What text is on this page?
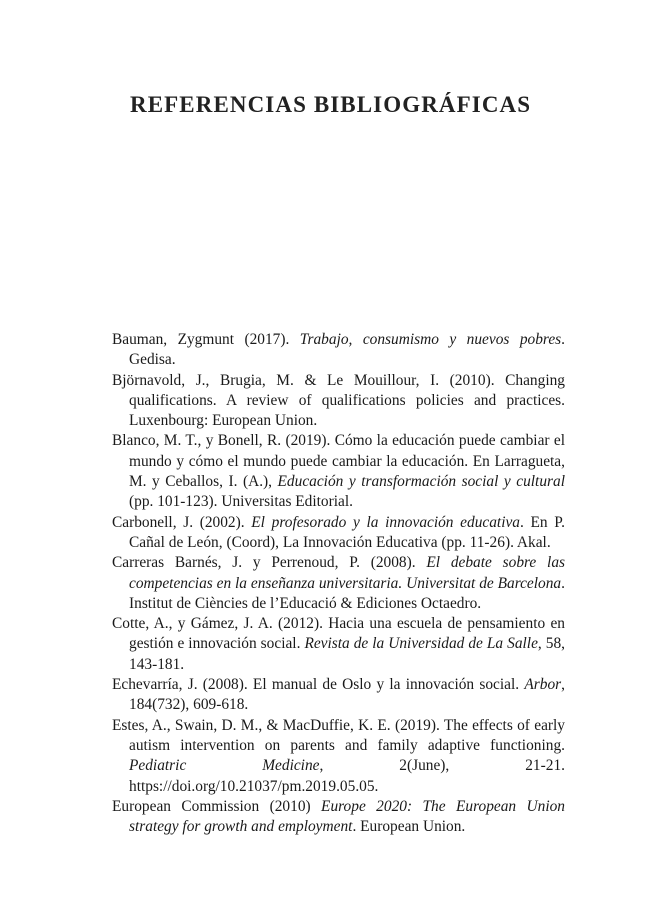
REFERENCIAS BIBLIOGRÁFICAS
Bauman, Zygmunt (2017). Trabajo, consumismo y nuevos pobres. Gedisa.
Björnavold, J., Brugia, M. & Le Mouillour, I. (2010). Changing qualifications. A review of qualifications policies and practices. Luxenbourg: European Union.
Blanco, M. T., y Bonell, R. (2019). Cómo la educación puede cambiar el mundo y cómo el mundo puede cambiar la educación. En Larragueta, M. y Ceballos, I. (A.), Educación y transformación social y cultural (pp. 101-123). Universitas Editorial.
Carbonell, J. (2002). El profesorado y la innovación educativa. En P. Cañal de León, (Coord), La Innovación Educativa (pp. 11-26). Akal.
Carreras Barnés, J. y Perrenoud, P. (2008). El debate sobre las competencias en la enseñanza universitaria. Universitat de Barcelona. Institut de Ciències de l’Educació & Ediciones Octaedro.
Cotte, A., y Gámez, J. A. (2012). Hacia una escuela de pensamiento en gestión e innovación social. Revista de la Universidad de La Salle, 58, 143-181.
Echevarría, J. (2008). El manual de Oslo y la innovación social. Arbor, 184(732), 609-618.
Estes, A., Swain, D. M., & MacDuffie, K. E. (2019). The effects of early autism intervention on parents and family adaptive functioning. Pediatric Medicine, 2(June), 21-21. https://doi.org/10.21037/pm.2019.05.05.
European Commission (2010) Europe 2020: The European Union strategy for growth and employment. European Union.
